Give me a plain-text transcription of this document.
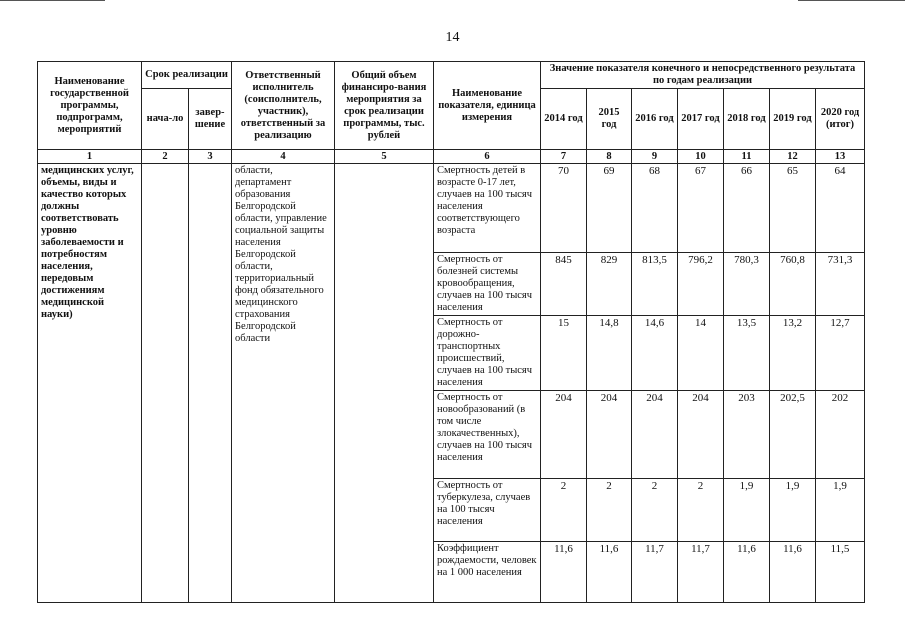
14
Наименование государственной программы, подпрограмм, мероприятий	Срок реализации		Ответственный исполнитель (соисполнитель, участник), ответственный за реализацию	Общий объем финансиро-вания мероприятия за срок реализации программы, тыс. рублей	Наименование показателя, единица измерения	Значение показателя конечного и непосредственного результата по годам реализации						
	нача-ло	завер-шение				2014 год	2015 год	2016 год	2017 год	2018 год	2019 год	2020 год (итог)
1	2	3	4	5	6	7	8	9	10	11	12	13
медицинских услуг, объемы, виды и качество которых должны соответствовать уровню заболеваемости и потребностям населения, передовым достижениям медицинской науки)			области, департамент образования Белгородской области, управление социальной защиты населения Белгородской области, территориальный фонд обязательного медицинского страхования Белгородской области		Смертность детей в возрасте 0-17 лет, случаев на 100 тысяч населения соответствующего возраста	70	69	68	67	66	65	64
					Смертность от болезней системы кровообращения, случаев на 100 тысяч населения	845	829	813,5	796,2	780,3	760,8	731,3
					Смертность от дорожно-транспортных происшествий, случаев на 100 тысяч населения	15	14,8	14,6	14	13,5	13,2	12,7
					Смертность от новообразований (в том числе злокачественных), случаев на 100 тысяч населения	204	204	204	204	203	202,5	202
					Смертность от туберкулеза, случаев на 100 тысяч населения	2	2	2	2	1,9	1,9	1,9
					Коэффициент рождаемости, человек на 1 000 населения	11,6	11,6	11,7	11,7	11,6	11,6	11,5
